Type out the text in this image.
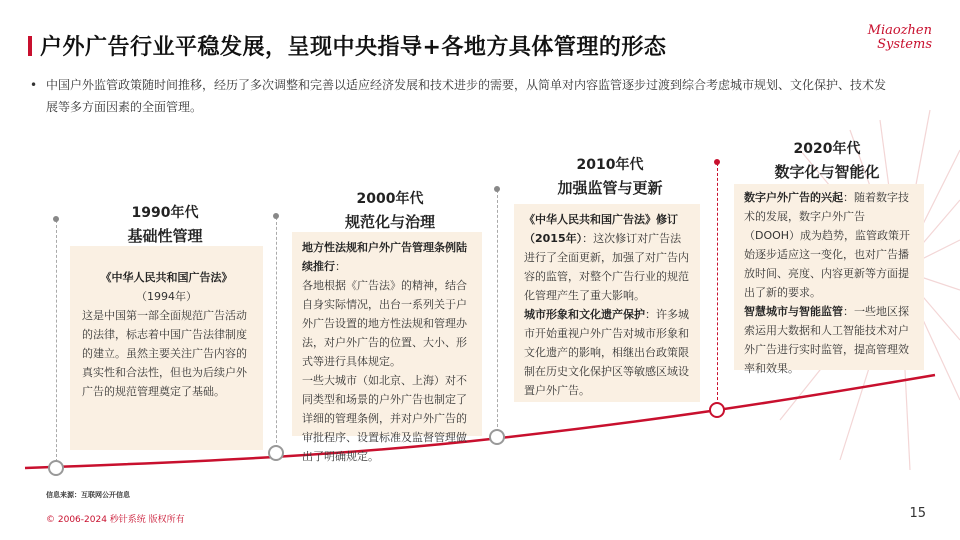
户外广告行业平稳发展，呈现中央指导+各地方具体管理的形态
Miaozhen
Systems
• 中国户外监管政策随时间推移，经历了多次调整和完善以适应经济发展和技术进步的需要，从简单对内容监管逐步过渡到综合考虑城市规划、文化保护、技术发展等多方面因素的全面管理。
1990年代
基础性管理

《中华人民共和国广告法》

（1994年）

这是中国第一部全面规范广告活动的法律，标志着中国广告法律制度的建立。虽然主要关注广告内容的真实性和合法性，但也为后续户外广告的规范管理奠定了基础。

2000年代
规范化与治理

地方性法规和户外广告管理条例陆续推行：

各地根据《广告法》的精神，结合自身实际情况，出台一系列关于户外广告设置的地方性法规和管理办法，对户外广告的位置、大小、形式等进行具体规定。

一些大城市（如北京、上海）对不同类型和场景的户外广告也制定了详细的管理条例，并对户外广告的审批程序、设置标准及监督管理做出了明确规定。

2010年代
加强监管与更新

《中华人民共和国广告法》修订（2015年）：这次修订对广告法进行了全面更新，加强了对广告内容的监管，对整个广告行业的规范化管理产生了重大影响。

城市形象和文化遗产保护：许多城市开始重视户外广告对城市形象和文化遗产的影响，相继出台政策限制在历史文化保护区等敏感区域设置户外广告。

2020年代
数字化与智能化

数字户外广告的兴起：随着数字技术的发展，数字户外广告（DOOH）成为趋势，监管政策开始逐步适应这一变化，也对广告播放时间、亮度、内容更新等方面提出了新的要求。

智慧城市与智能监管：一些地区探索运用大数据和人工智能技术对户外广告进行实时监管，提高管理效率和效果。

信息来源：互联网公开信息
© 2006-2024 秒针系统 版权所有	15
